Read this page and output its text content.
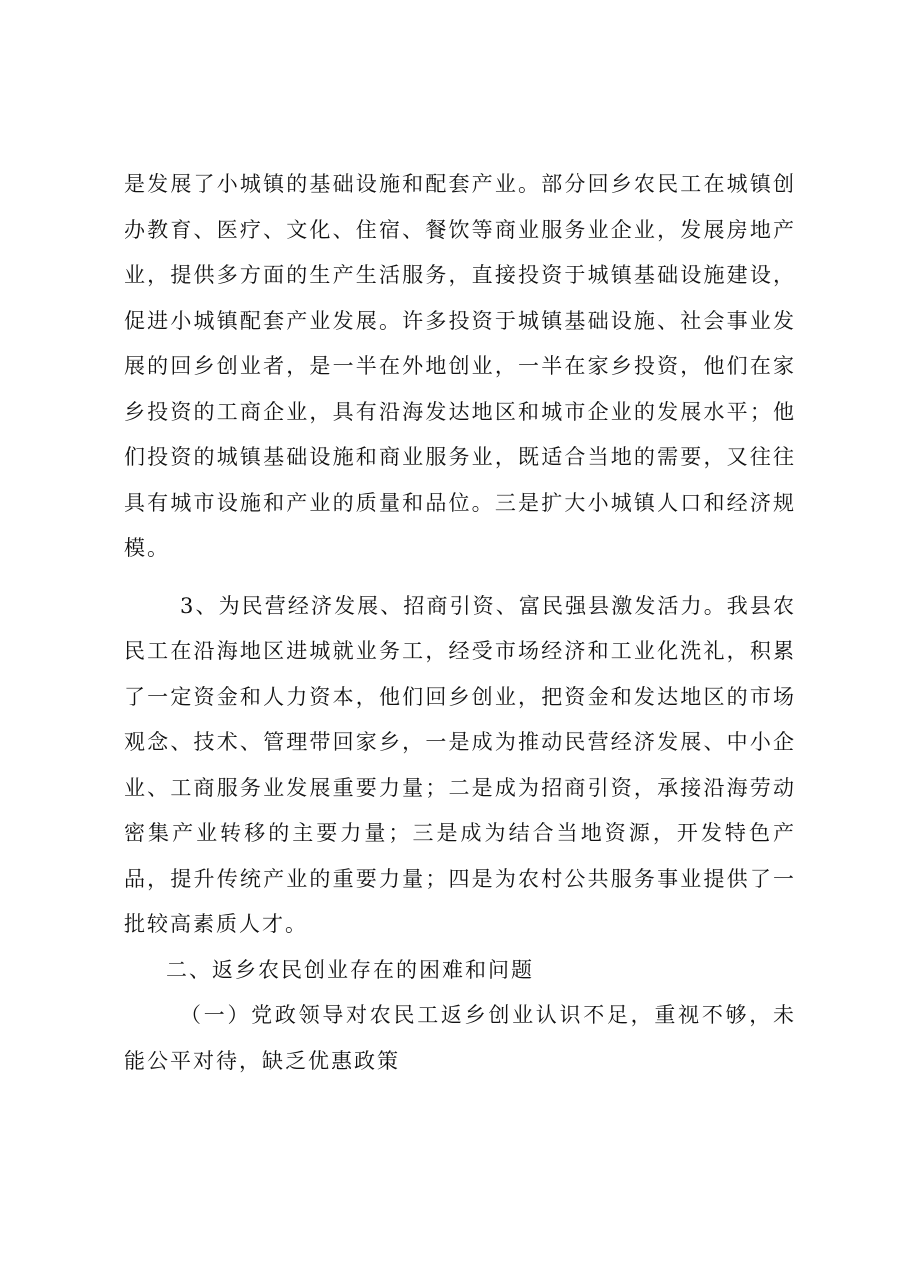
是发展了小城镇的基础设施和配套产业。部分回乡农民工在城镇创办教育、医疗、文化、住宿、餐饮等商业服务业企业，发展房地产业，提供多方面的生产生活服务，直接投资于城镇基础设施建设，促进小城镇配套产业发展。许多投资于城镇基础设施、社会事业发展的回乡创业者，是一半在外地创业，一半在家乡投资，他们在家乡投资的工商企业，具有沿海发达地区和城市企业的发展水平；他们投资的城镇基础设施和商业服务业，既适合当地的需要，又往往具有城市设施和产业的质量和品位。三是扩大小城镇人口和经济规模。

3、为民营经济发展、招商引资、富民强县激发活力。我县农民工在沿海地区进城就业务工，经受市场经济和工业化洗礼，积累了一定资金和人力资本，他们回乡创业，把资金和发达地区的市场观念、技术、管理带回家乡，一是成为推动民营经济发展、中小企业、工商服务业发展重要力量；二是成为招商引资，承接沿海劳动密集产业转移的主要力量；三是成为结合当地资源，开发特色产品，提升传统产业的重要力量；四是为农村公共服务事业提供了一批较高素质人才。

二、返乡农民创业存在的困难和问题

（一）党政领导对农民工返乡创业认识不足，重视不够，未能公平对待，缺乏优惠政策
